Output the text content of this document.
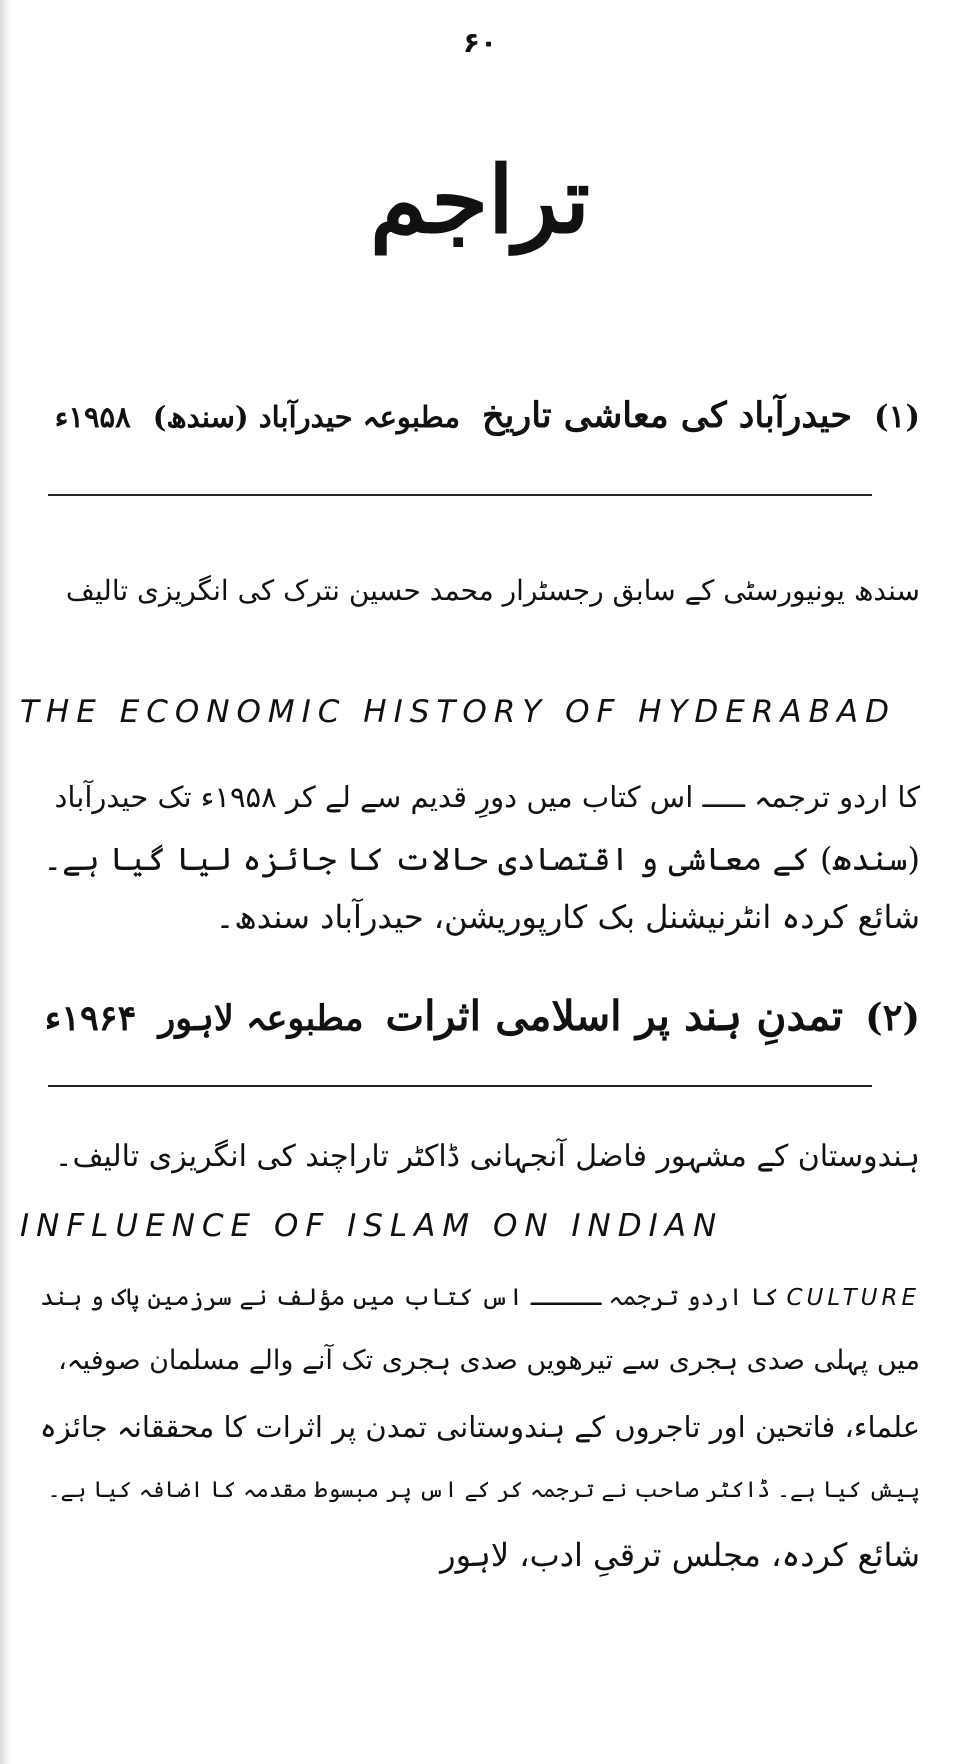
۶۰
تراجم
(۱)
حیدرآباد کی معاشی تاریخ
مطبوعہ حیدرآباد (سندھ)
۱۹۵۸ء
سندھ یونیورسٹی کے سابق رجسٹرار محمد حسین نترک کی انگریزی تالیف
THE ECONOMIC HISTORY OF HYDERABAD
کا اردو ترجمہ ـــــ اس کتاب میں دورِ قدیم سے لے کر ۱۹۵۸ء تک حیدرآباد
(سندھ) کے معاشی و اقتصادی حالات کا جائزہ لیا گیا ہے۔
شائع کردہ انٹرنیشنل بک کارپوریشن، حیدرآباد سندھ۔
(۲)
تمدنِ ہند پر اسلامی اثرات
مطبوعہ لاہور
۱۹۶۴ء
ہندوستان کے مشہور فاضل آنجہانی ڈاکٹر تاراچند کی انگریزی تالیف۔
INFLUENCE OF ISLAM ON INDIAN
CULTURE کا اردو ترجمہ ـــــ اس کتاب میں مؤلف نے سرزمین پاک و ہند
میں پہلی صدی ہجری سے تیرھویں صدی ہجری تک آنے والے مسلمان صوفیہ،
علماء، فاتحین اور تاجروں کے ہندوستانی تمدن پر اثرات کا محققانہ جائزہ
پیش کیا ہے۔ ڈاکٹر صاحب نے ترجمہ کر کے اس پر مبسوط مقدمہ کا اضافہ کیا ہے۔
شائع کردہ، مجلس ترقیِ ادب، لاہور
